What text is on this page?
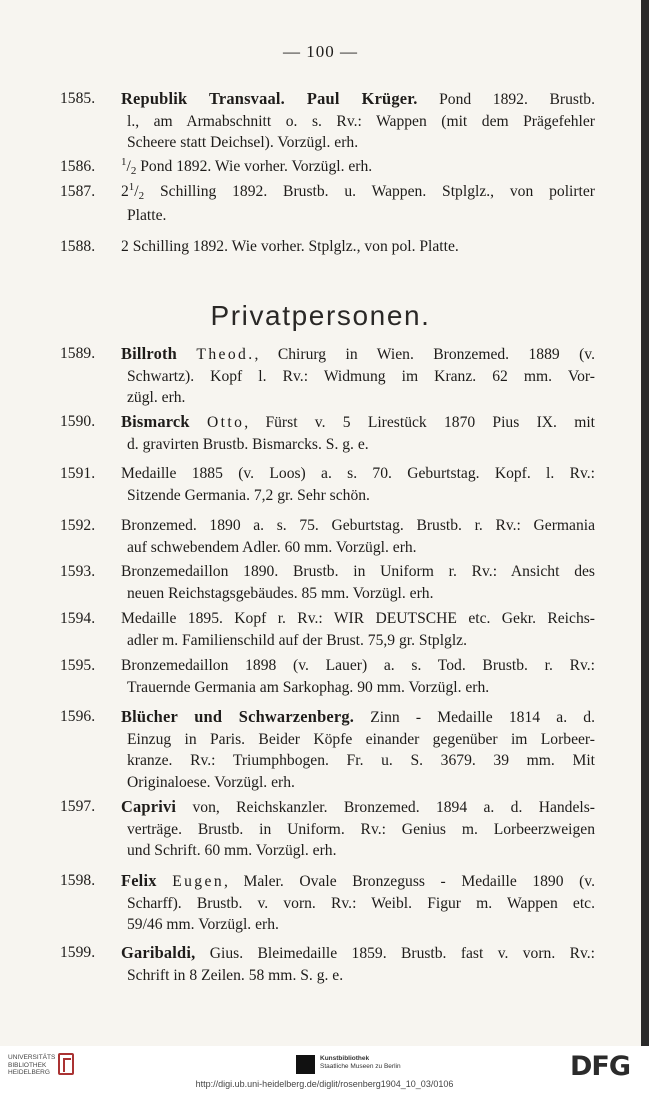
— 100 —
1585. Republik Transvaal. Paul Krüger. Pond 1892. Brustb.
l., am Armabschnitt o. s. Rv.: Wappen (mit dem Prägefehler
Scheere statt Deichsel). Vorzügl. erh.
1586. $^1$/2 Pond 1892. Wie vorher. Vorzügl. erh.
1587. $2^1/2$ Schilling 1892. Brustb. u. Wappen. Stplglz., von polirter
Platte.
1588. 2 Schilling 1892. Wie vorher. Stplglz., von pol. Platte.
Privatpersonen.
1589. Billroth Theod., Chirurg in Wien. Bronzemed. 1889 (v.
Schwartz). Kopf l. Rv.: Widmung im Kranz. 62 mm. Vor-
zügl. erh.
1590. Bismarck Otto, Fürst v. 5 Lirestück 1870 Pius IX. mit
d. gravirten Brustb. Bismarcks. S. g. e.
1591. Medaille 1885 (v. Loos) a. s. 70. Geburtstag. Kopf. l. Rv.:
Sitzende Germania. 7,2 gr. Sehr schön.
1592. Bronzemed. 1890 a. s. 75. Geburtstag. Brustb. r. Rv.: Germania
auf schwebendem Adler. 60 mm. Vorzügl. erh.
1593. Bronzemedaillon 1890. Brustb. in Uniform r. Rv.: Ansicht des
neuen Reichstagsgebäudes. 85 mm. Vorzügl. erh.
1594. Medaille 1895. Kopf r. Rv.: WIR DEUTSCHE etc. Gekr. Reichs-
adler m. Familienschild auf der Brust. 75,9 gr. Stplglz.
1595. Bronzemedaillon 1898 (v. Lauer) a. s. Tod. Brustb. r. Rv.:
Trauernde Germania am Sarkophag. 90 mm. Vorzügl. erh.
1596. Blücher und Schwarzenberg. Zinn - Medaille 1814 a. d.
Einzug in Paris. Beider Köpfe einander gegenüber im Lorbeer-
kranze. Rv.: Triumphbogen. Fr. u. S. 3679. 39 mm. Mit
Originaloese. Vorzügl. erh.
1597. Caprivi von, Reichskanzler. Bronzemed. 1894 a. d. Handels-
verträge. Brustb. in Uniform. Rv.: Genius m. Lorbeerzweigen
und Schrift. 60 mm. Vorzügl. erh.
1598. Felix Eugen, Maler. Ovale Bronzeguss - Medaille 1890 (v.
Scharff). Brustb. v. vorn. Rv.: Weibl. Figur m. Wappen etc.
59/46 mm. Vorzügl. erh.
1599. Garibaldi, Gius. Bleimedaille 1859. Brustb. fast v. vorn. Rv.:
Schrift in 8 Zeilen. 58 mm. S. g. e.
UNIVERSITÄTS
BIBLIOTHEK
HEIDELBERG
Kunstbibliothek
Staatliche Museen zu Berlin	DFG
http://digi.ub.uni-heidelberg.de/diglit/rosenberg1904_10_03/0106
